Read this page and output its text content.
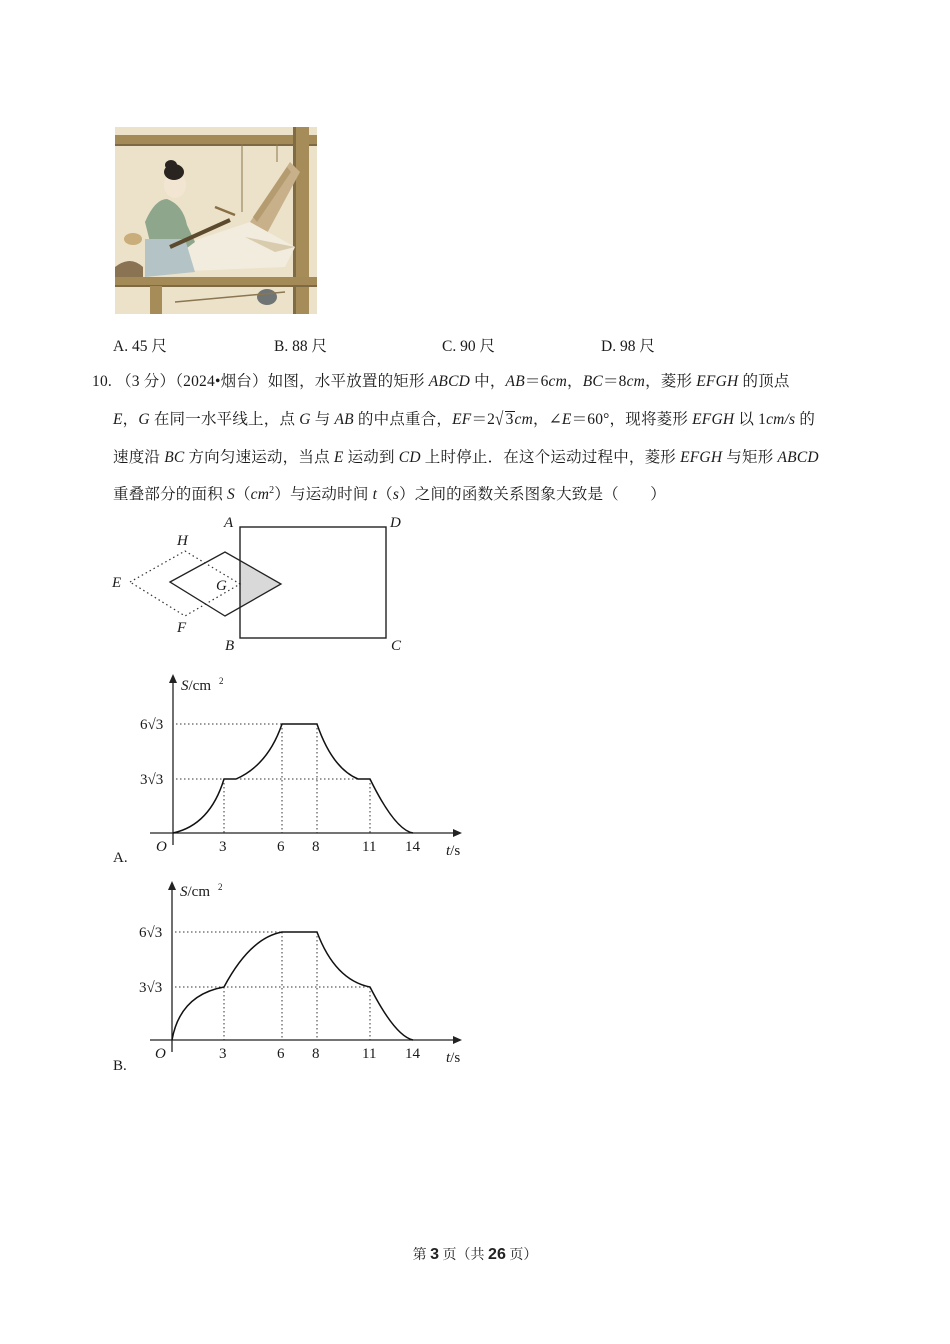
A. 45 尺	B. 88 尺	C. 90 尺	D. 98 尺
10. （3 分）（2024•烟台）如图，水平放置的矩形 ABCD 中，AB＝6cm，BC＝8cm，菱形 EFGH 的顶点
E，G 在同一水平线上，点 G 与 AB 的中点重合，EF＝2√ 3cm，∠E＝60°，现将菱形 EFGH 以 1cm/s 的
速度沿 BC 方向匀速运动，当点 E 运动到 CD 上时停止．在这个运动过程中，菱形 EFGH 与矩形 ABCD
重叠部分的面积 $S(cm^2)$与运动时间 t（s）之间的函数关系图象大致是（　　）
A	D
B	C
E
H
G
F
S/cm 2
6√3
3√3
O	3	6 8	11 14 t/s
A.
S/cm 2
6√3
3√3
O	3	6 8	11 14 t/s
B.
第 3 页（共 26 页）
